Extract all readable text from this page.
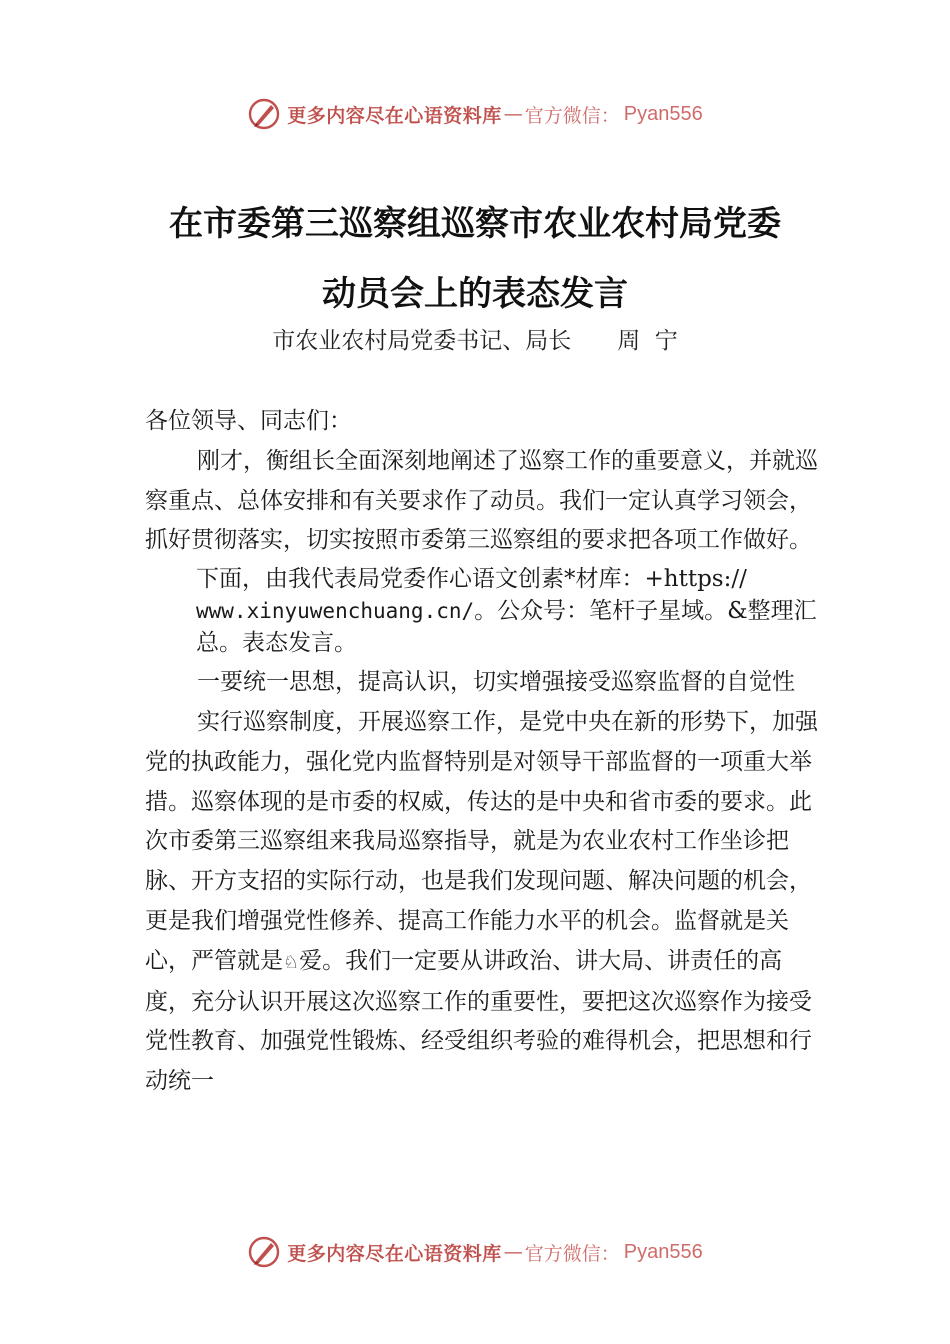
更多内容尽在心语资料库 — 官方微信： Pyan556
在市委第三巡察组巡察市农业农村局党委
动员会上的表态发言
市农业农村局党委书记、局长 周  宁

各位领导、同志们：

刚才，衡组长全面深刻地阐述了巡察工作的重要意义，并就巡察重点、总体安排和有关要求作了动员。我们一定认真学习领会，抓好贯彻落实，切实按照市委第三巡察组的要求把各项工作做好。

下面，由我代表局党委作心语文创素*材库：+https://
www.xinyuwenchuang.cn/。公众号：笔杆子星域。&整理汇总。表态发言。

一要统一思想，提高认识，切实增强接受巡察监督的自觉性

实行巡察制度，开展巡察工作，是党中央在新的形势下，加强党的执政能力，强化党内监督特别是对领导干部监督的一项重大举措。巡察体现的是市委的权威，传达的是中央和省市委的要求。此次市委第三巡察组来我局巡察指导，就是为农业农村工作坐诊把脉、开方支招的实际行动，也是我们发现问题、解决问题的机会，更是我们增强党性修养、提高工作能力水平的机会。监督就是关心，严管就是♘爱。我们一定要从讲政治、讲大局、讲责任的高度，充分认识开展这次巡察工作的重要性，要把这次巡察作为接受党性教育、加强党性锻炼、经受组织考验的难得机会，把思想和行动统一

更多内容尽在心语资料库 — 官方微信： Pyan556
